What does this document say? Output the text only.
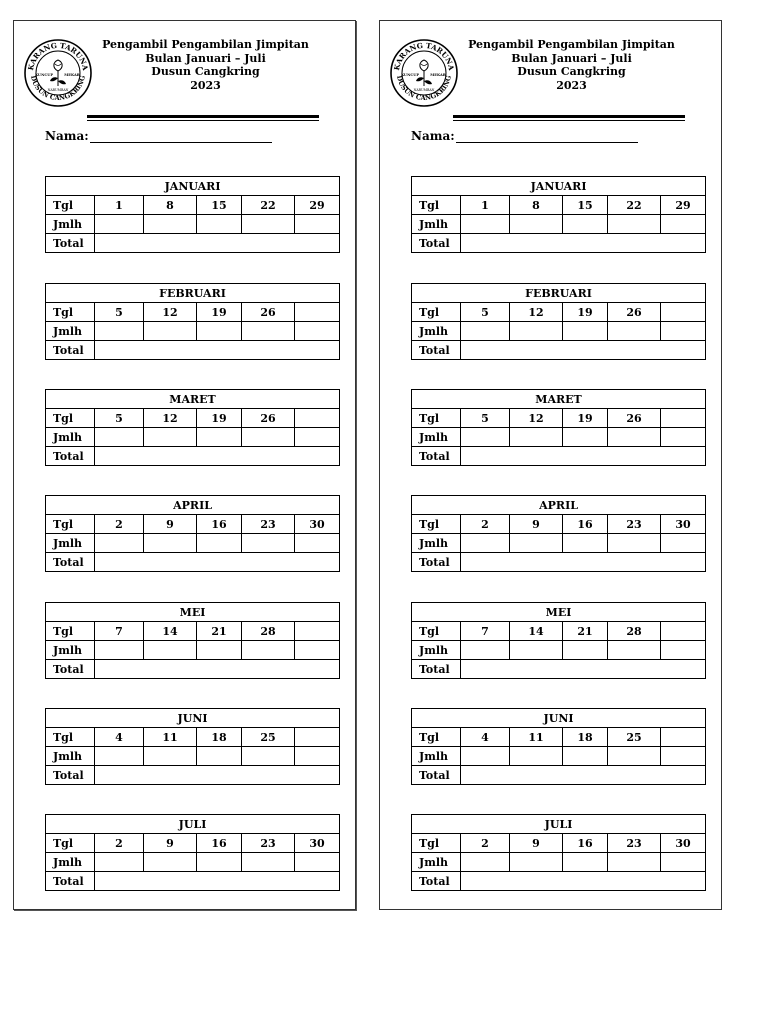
KARANG TARUNA
DUSUN CANGKRING
KUNCUP	MEKAR
NARUMBAN
Pengambil Pengambilan Jimpitan
Bulan Januari – Juli
Dusun Cangkring
2023
Nama:
JANUARI					
Tgl	1	8	15	22	29
Jmlh					
Total					
FEBRUARI					
Tgl	5	12	19	26	
Jmlh					
Total					
MARET					
Tgl	5	12	19	26	
Jmlh					
Total					
APRIL					
Tgl	2	9	16	23	30
Jmlh					
Total					
MEI					
Tgl	7	14	21	28	
Jmlh					
Total					
JUNI					
Tgl	4	11	18	25	
Jmlh					
Total					
JULI					
Tgl	2	9	16	23	30
Jmlh					
Total					
KARANG TARUNA
DUSUN CANGKRING
KUNCUP	MEKAR
NARUMBAN
Pengambil Pengambilan Jimpitan
Bulan Januari – Juli
Dusun Cangkring
2023
Nama:
JANUARI					
Tgl	1	8	15	22	29
Jmlh					
Total					
FEBRUARI					
Tgl	5	12	19	26	
Jmlh					
Total					
MARET					
Tgl	5	12	19	26	
Jmlh					
Total					
APRIL					
Tgl	2	9	16	23	30
Jmlh					
Total					
MEI					
Tgl	7	14	21	28	
Jmlh					
Total					
JUNI					
Tgl	4	11	18	25	
Jmlh					
Total					
JULI					
Tgl	2	9	16	23	30
Jmlh					
Total					
